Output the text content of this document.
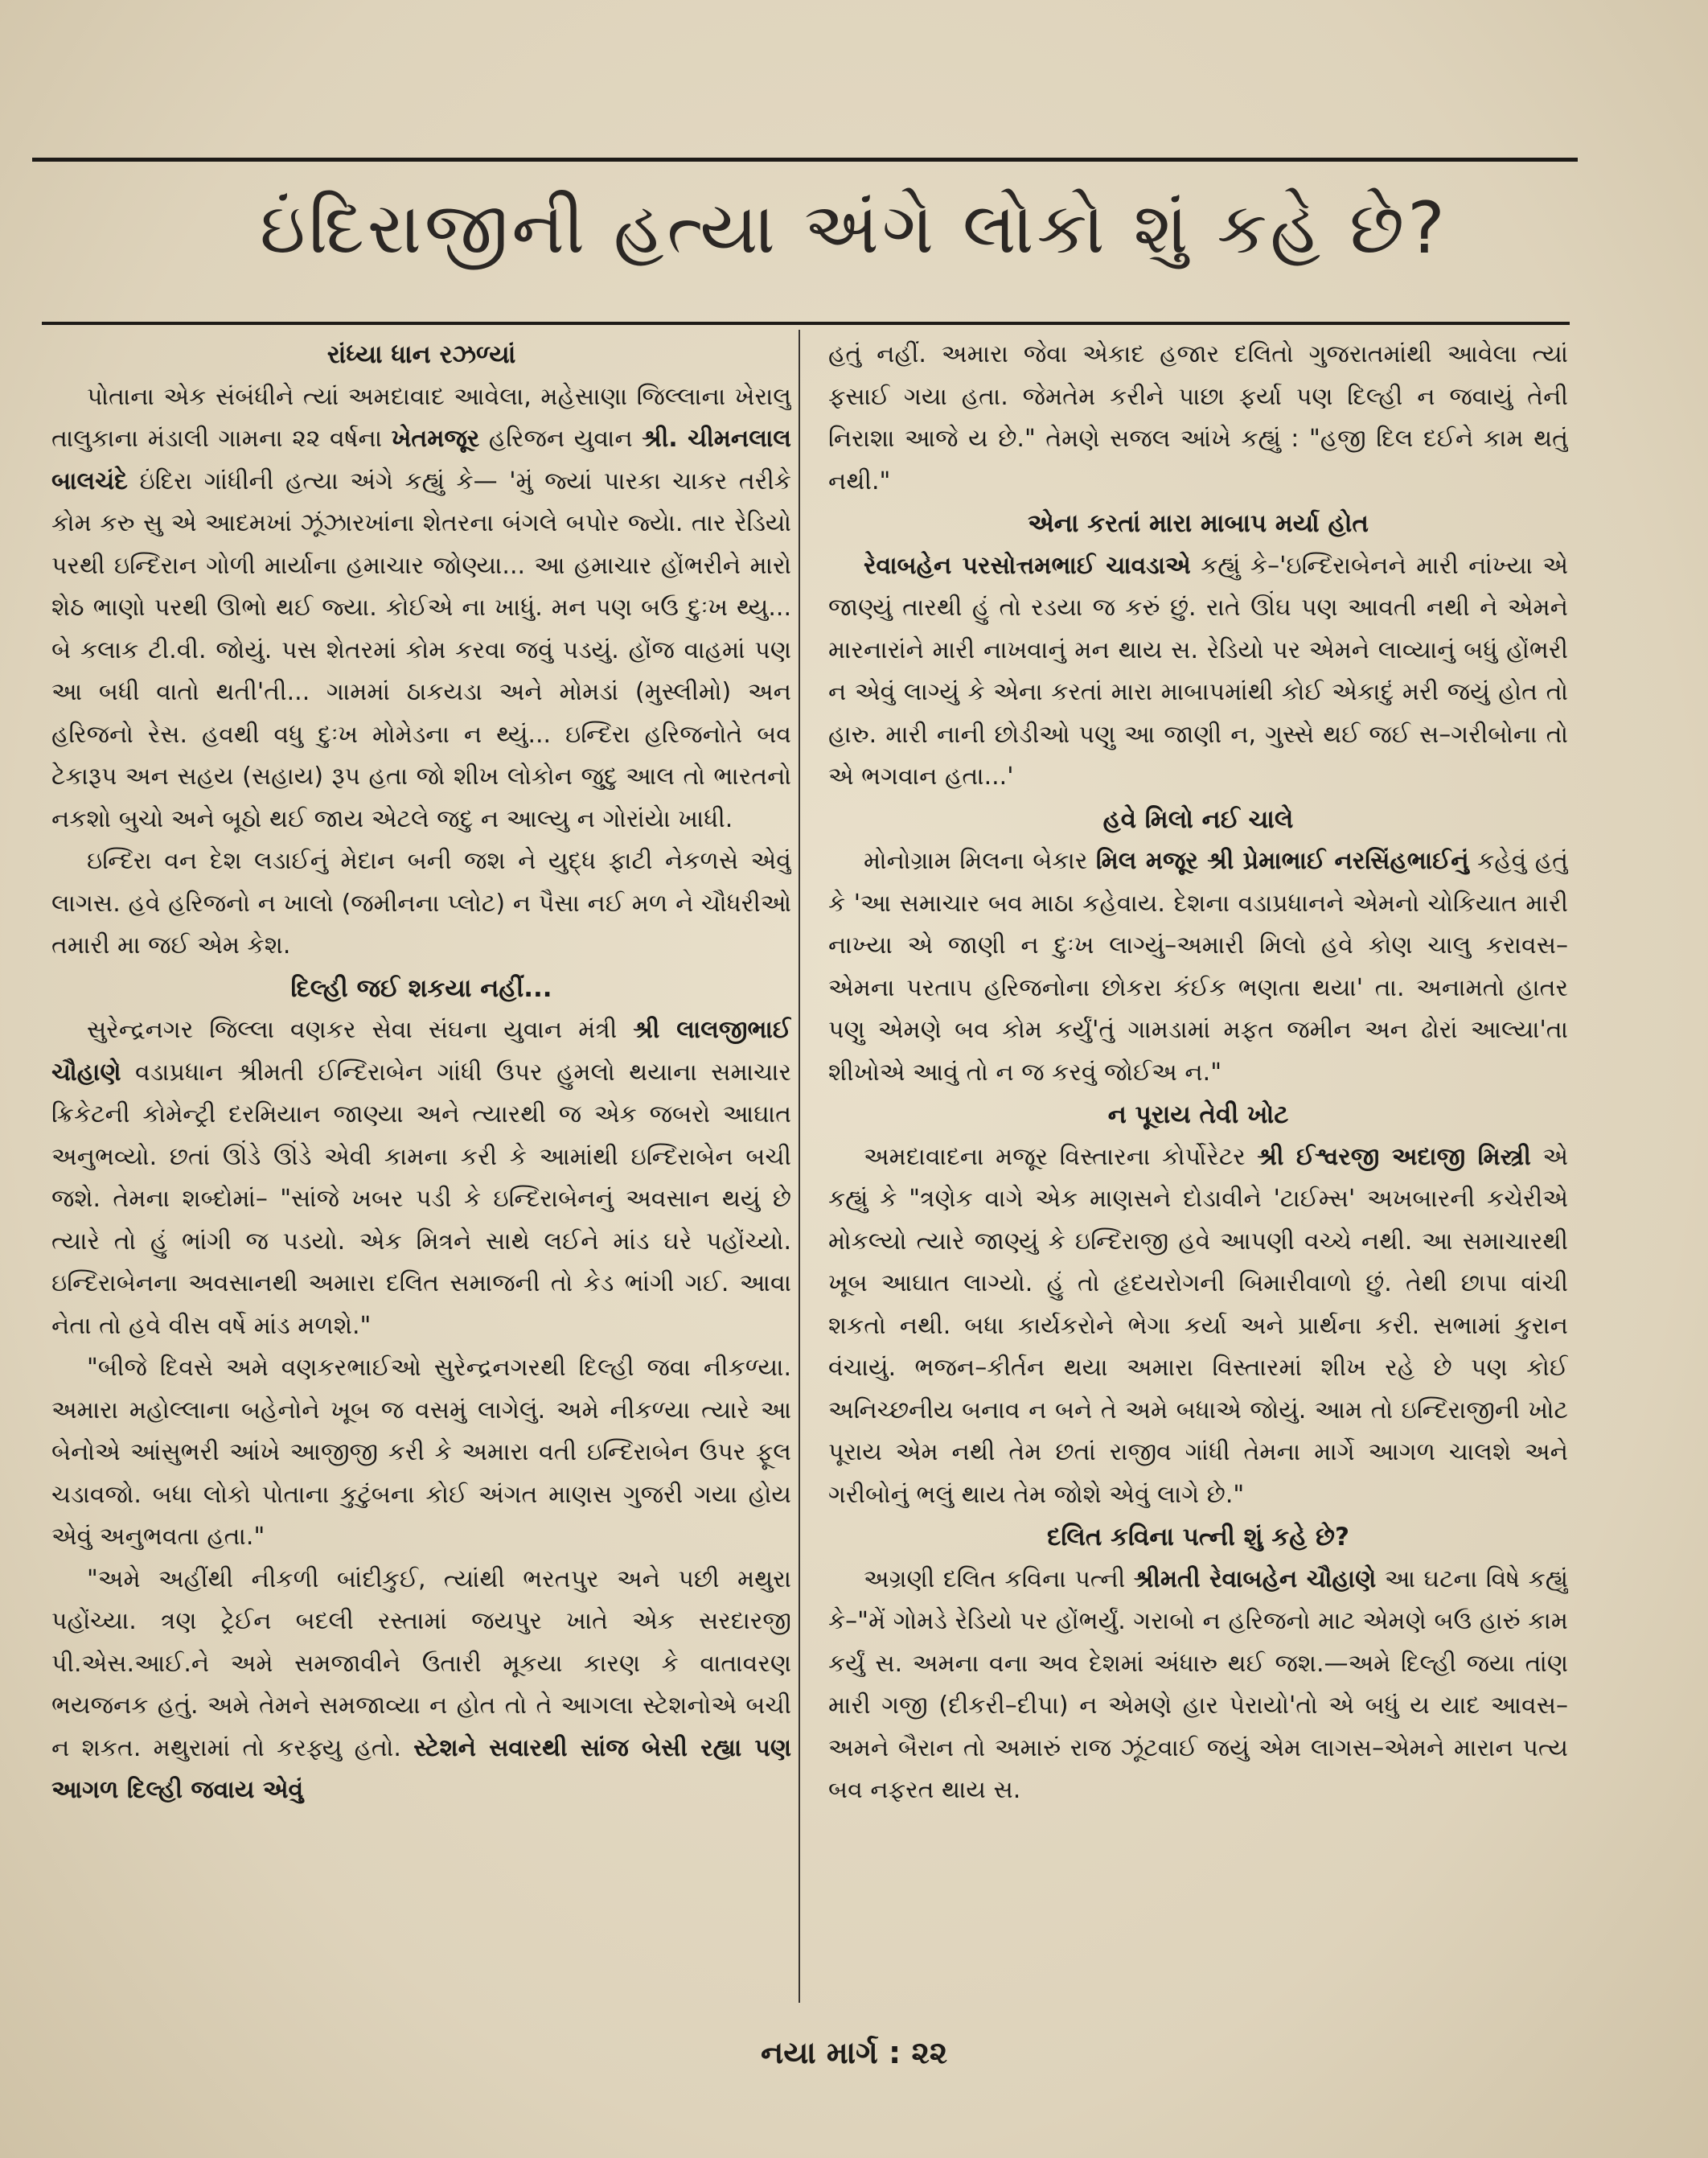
ઇંદિરાજીની હત્યા અંગે લોકો શું કહે છે?
રાંધ્યા ધાન રઝળ્યાં

પોતાના એક સંબંધીને ત્યાં અમદાવાદ આવેલા, મહેસાણા જિલ્લાના ખેરાલુ તાલુકાના મંડાલી ગામના ૨૨ વર્ષના ખેતમજૂર હરિજન યુવાન શ્રી. ચીમનલાલ બાલચંદે ઇંદિરા ગાંધીની હત્યા અંગે કહ્યું કે— 'મું જ્યાં પારકા ચાકર તરીકે કોમ કરુ સુ એ આદમખાં ઝૂંઝારખાંના શેતરના બંગલે બપોર જ્યેા. તાર રેડિયો પરથી ઇન્દિરાન ગોળી માર્યાના હમાચાર જોણ્યા... આ હમાચાર હોંભરીને મારો શેઠ ભાણો પરથી ઊભો થઈ જ્યા. કોઈએ ના ખાધું. મન પણ બઉ દુઃખ થ્યુ... બે કલાક ટી.વી. જોયું. પસ શેતરમાં કોમ કરવા જવું પડયું. હોંજ વાહમાં પણ આ બધી વાતો થતી'તી... ગામમાં ઠાકયડા અને મોમડાં (મુસ્લીમો) અન હરિજનો રેસ. હવથી વધુ દુઃખ મોમેડના ન થ્યું... ઇન્દિરા હરિજનોતે બવ ટેકારૂપ અન સહય (સહાય) રૂપ હતા જો શીખ લોકોન જુદુ આલ તો ભારતનો નકશો બુચો અને બૂઠો થઈ જાય એટલે જદુ ન આલ્યુ ન ગોરાંયેા ખાધી.

ઇન્દિરા વન દેશ લડાઈનું મેદાન બની જશ ને યુદ્ધ ફાટી નેકળસે એવું લાગસ. હવે હરિજનો ન ખાલો (જમીનના પ્લોટ) ન પૈસા નઈ મળ ને ચૌધરીઓ તમારી મા જઈ એમ કેશ.

દિલ્હી જઈ શકયા નહીં...

સુરેન્દ્રનગર જિલ્લા વણકર સેવા સંઘના યુવાન મંત્રી શ્રી લાલજીભાઈ ચૌહાણે વડાપ્રધાન શ્રીમતી ઈન્દિરાબેન ગાંધી ઉપર હુમલો થયાના સમાચાર ક્રિકેટની કોમેન્ટ્રી દરમિયાન જાણ્યા અને ત્યારથી જ એક જબરો આઘાત અનુભવ્યો. છતાં ઊંડે ઊંડે એવી કામના કરી કે આમાંથી ઇન્દિરાબેન બચી જશે. તેમના શબ્દોમાં– "સાંજે ખબર પડી કે ઇન્દિરાબેનનું અવસાન થયું છે ત્યારે તો હું ભાંગી જ પડયો. એક મિત્રને સાથે લઈને માંડ ઘરે પહોંચ્યો. ઇન્દિરાબેનના અવસાનથી અમારા દલિત સમાજની તો કેડ ભાંગી ગઈ. આવા નેતા તો હવે વીસ વર્ષે માંડ મળશે."

"બીજે દિવસે અમે વણકરભાઈઓ સુરેન્દ્રનગરથી દિલ્હી જવા નીકળ્યા. અમારા મહોલ્લાના બહેનોને ખૂબ જ વસમું લાગેલું. અમે નીકળ્યા ત્યારે આ બેનોએ આંસુભરી આંખે આજીજી કરી કે અમારા વતી ઇન્દિરાબેન ઉપર ફૂલ ચડાવજો. બધા લોકો પોતાના કુટુંબના કોઈ અંગત માણસ ગુજરી ગયા હોય એવું અનુભવતા હતા."

"અમે અહીંથી નીકળી બાંદીકુઈ, ત્યાંથી ભરતપુર અને પછી મથુરા પહોંચ્યા. ત્રણ ટ્રેઈન બદલી રસ્તામાં જયપુર ખાતે એક સરદારજી પી.એસ.આઈ.ને અમે સમજાવીને ઉતારી મૂકયા કારણ કે વાતાવરણ ભયજનક હતું. અમે તેમને સમજાવ્યા ન હોત તો તે આગલા સ્ટેશનોએ બચી ન શકત. મથુરામાં તો કરફ્યુ હતો. સ્ટેશને સવારથી સાંજ બેસી રહ્યા પણ આગળ દિલ્હી જવાય એવું

હતું નહીં. અમારા જેવા એકાદ હજાર દલિતો ગુજરાતમાંથી આવેલા ત્યાં ફસાઈ ગયા હતા. જેમતેમ કરીને પાછા ફર્યા પણ દિલ્હી ન જવાયું તેની નિરાશા આજે ય છે." તેમણે સજલ આંખે કહ્યું : "હજી દિલ દઈને કામ થતું નથી."

એના કરતાં મારા માબાપ મર્યા હોત

રેવાબહેન પરસોત્તમભાઈ ચાવડાએ કહ્યું કે–'ઇન્દિરાબેનને મારી નાંખ્યા એ જાણ્યું તારથી હું તો રડયા જ કરું છું. રાતે ઊંઘ પણ આવતી નથી ને એમને મારનારાંને મારી નાખવાનું મન થાય સ. રેડિયો પર એમને લાવ્યાનું બધું હોંભરી ન એવું લાગ્યું કે એના કરતાં મારા માબાપમાંથી કોઈ એકાદું મરી જયું હોત તો હારુ. મારી નાની છોડીઓ પણુ આ જાણી ન, ગુસ્સે થઈ જઈ સ–ગરીબોના તો એ ભગવાન હતા...'

હવે મિલો નઈ ચાલે

મોનોગ્રામ મિલના બેકાર મિલ મજૂર શ્રી પ્રેમાભાઈ નરસિંહભાઈનું કહેવું હતું કે 'આ સમાચાર બવ માઠા કહેવાય. દેશના વડાપ્રધાનને એમનો ચોકિયાત મારી નાખ્યા એ જાણી ન દુઃખ લાગ્યું–અમારી મિલો હવે કોણ ચાલુ કરાવસ– એમના પરતાપ હરિજનોના છોકરા કંઈક ભણતા થયા' તા. અનામતો હાતર પણુ એમણે બવ કોમ કર્યું'તું ગામડામાં મફત જમીન અન ઢોરાં આલ્યા'તા શીખોએ આવું તો ન જ કરવું જોઈઅ ન."

ન પૂરાય તેવી ખોટ

અમદાવાદના મજૂર વિસ્તારના કોર્પોરેટર શ્રી ઈશ્વરજી અદાજી મિસ્ત્રી એ કહ્યું કે "ત્રણેક વાગે એક માણસને દોડાવીને 'ટાઈમ્સ' અખબારની કચેરીએ મોકલ્યો ત્યારે જાણ્યું કે ઇન્દિરાજી હવે આપણી વચ્ચે નથી. આ સમાચારથી ખૂબ આઘાત લાગ્યો. હું તો હૃદયરોગની બિમારીવાળો છું. તેથી છાપા વાંચી શકતો નથી. બધા કાર્યકરોને ભેગા કર્યા અને પ્રાર્થના કરી. સભામાં કુરાન વંચાયું. ભજન–કીર્તન થયા અમારા વિસ્તારમાં શીખ રહે છે પણ કોઈ અનિચ્છનીય બનાવ ન બને તે અમે બધાએ જોયું. આમ તો ઇન્દિરાજીની ખોટ પૂરાય એમ નથી તેમ છતાં રાજીવ ગાંધી તેમના માર્ગે આગળ ચાલશે અને ગરીબોનું ભલું થાય તેમ જોશે એવું લાગે છે."

દલિત કવિના પત્ની શું કહે છે?

અગ્રણી દલિત કવિના પત્ની શ્રીમતી રેવાબહેન ચૌહાણે આ ઘટના વિષે કહ્યું કે–"મેં ગોમડે રેડિયો પર હોંભર્યું. ગરાબો ન હરિજનો માટ એમણે બઉ હારું કામ કર્યું સ. અમના વના અવ દેશમાં અંધારુ થઈ જશ.—અમે દિલ્હી જયા તાંણ મારી ગજી (દીકરી–દીપા) ન એમણે હાર પેરાયો'તો એ બધું ય યાદ આવસ– અમને બૈરાન તો અમારું રાજ ઝૂંટવાઈ જયું એમ લાગસ–એમને મારાન પત્ય બવ નફરત થાય સ.

નયા માર્ગ : ૨૨
